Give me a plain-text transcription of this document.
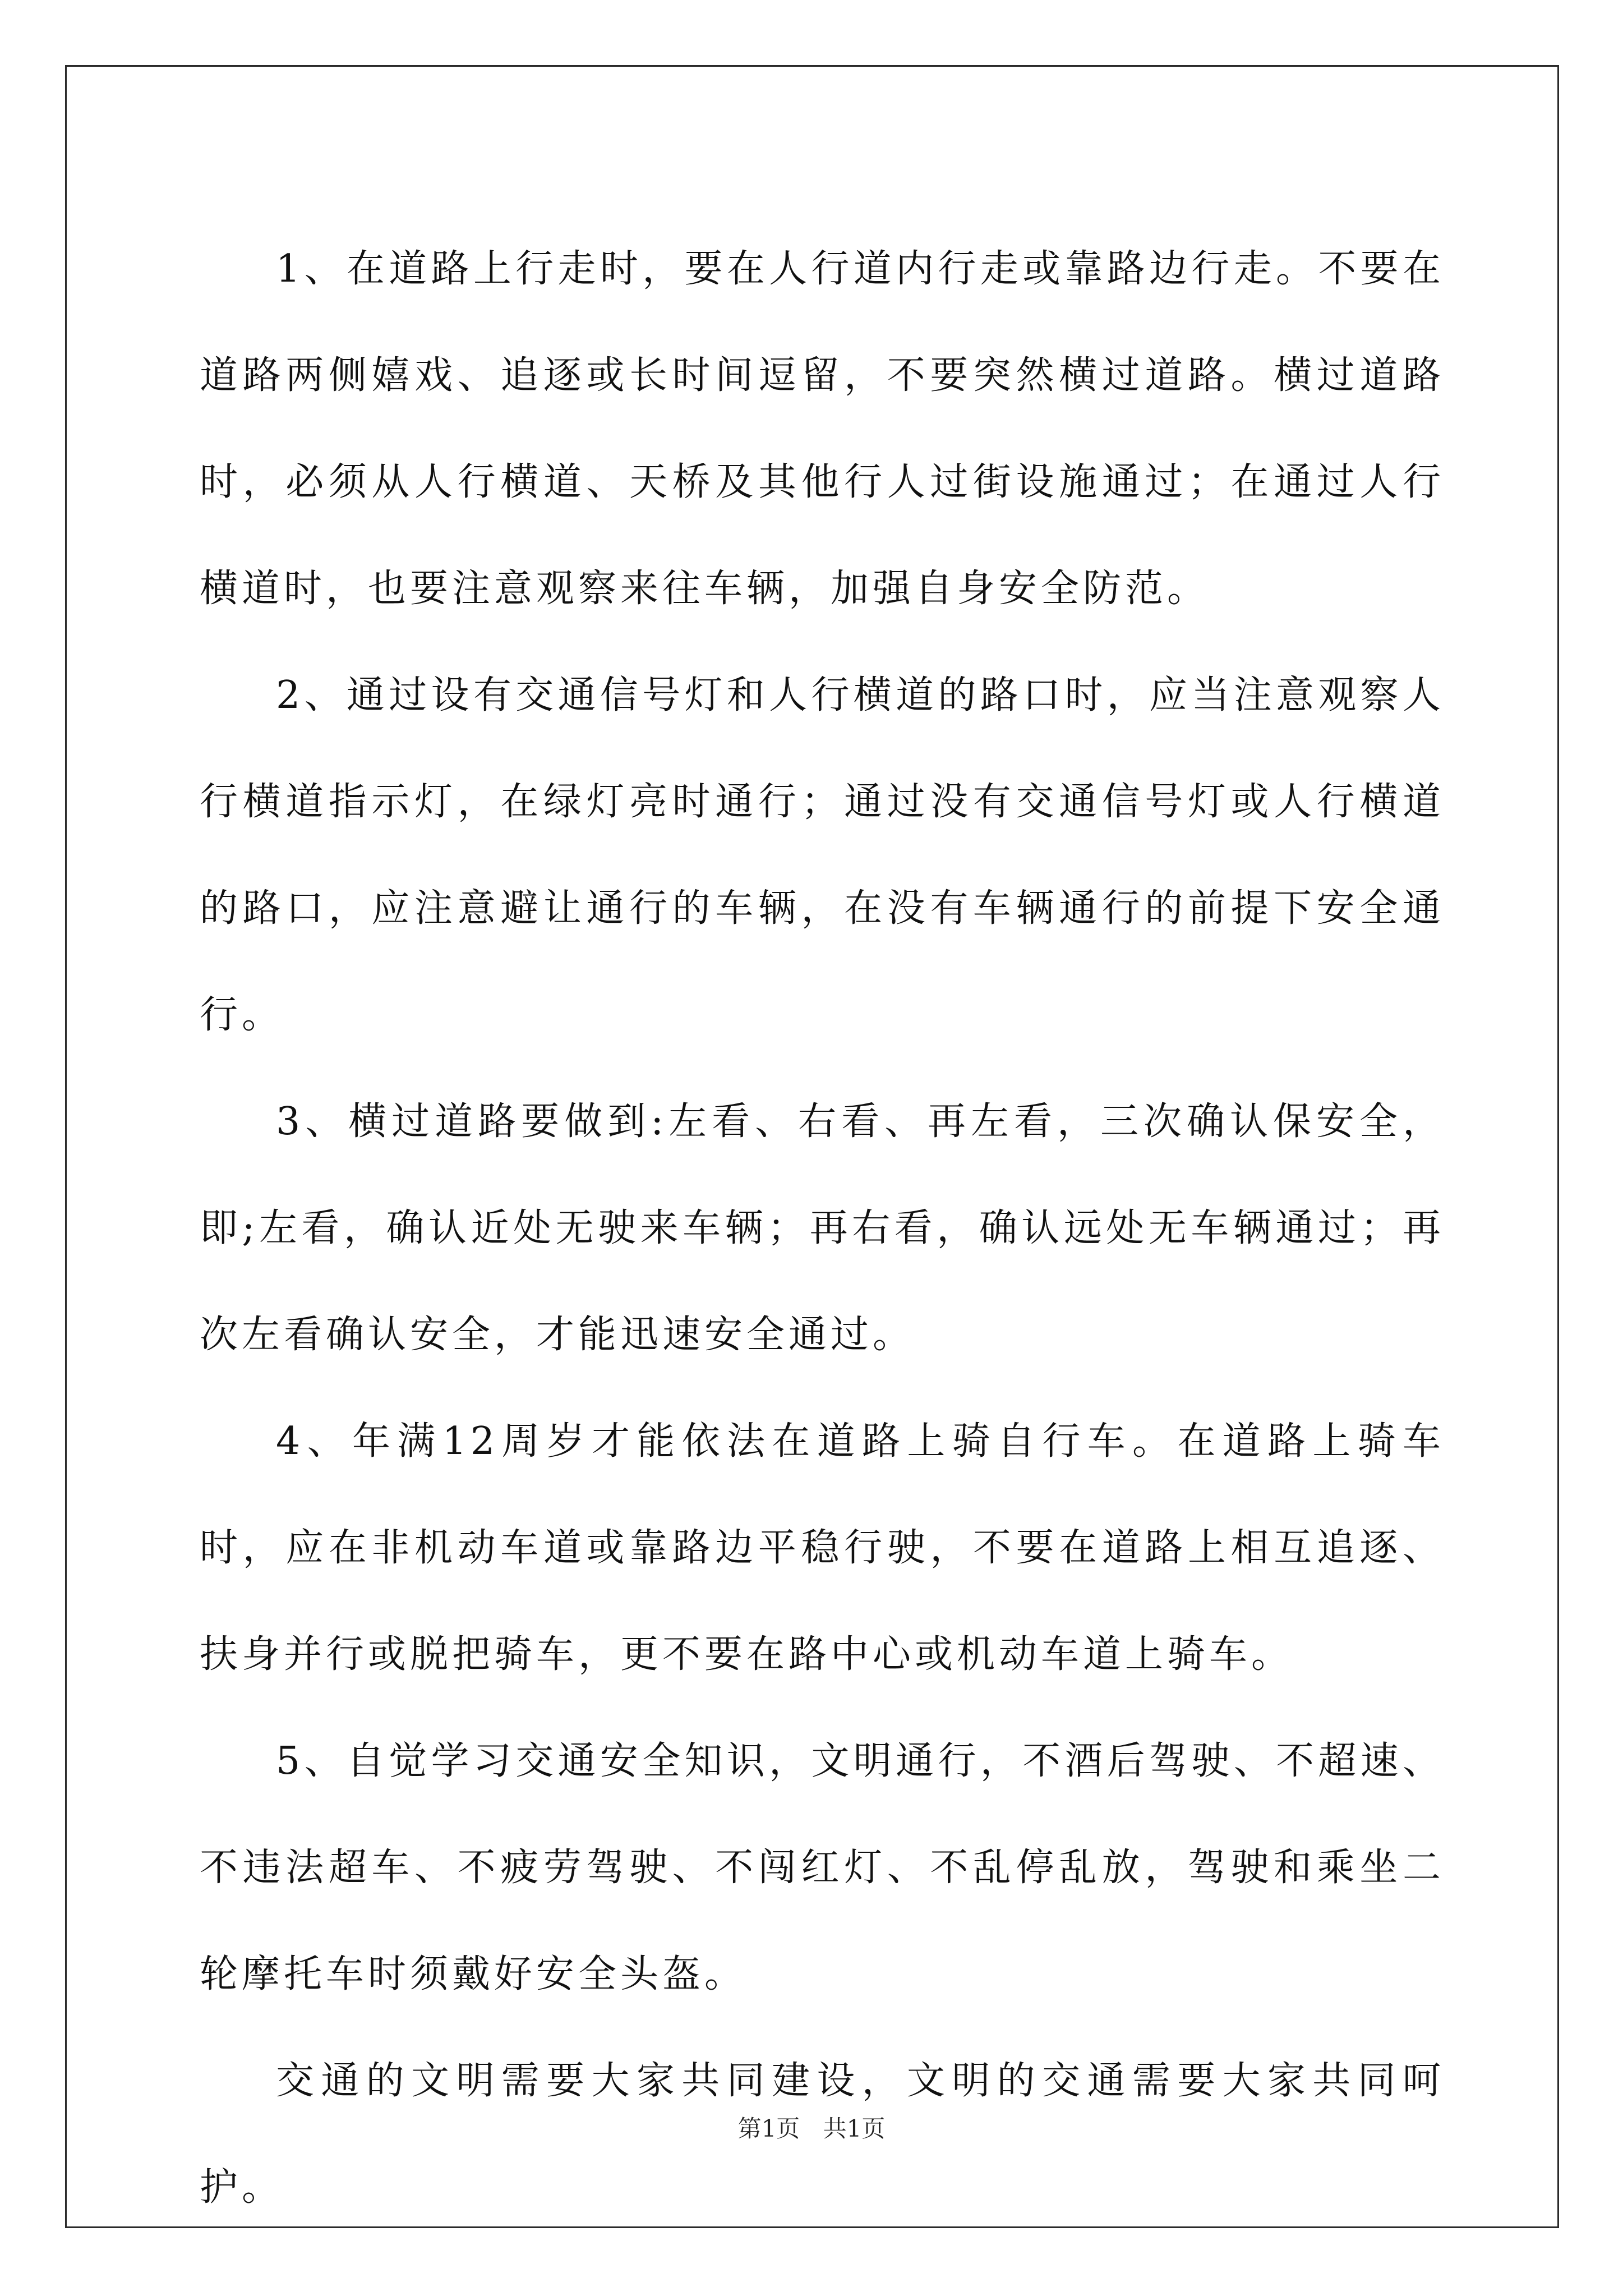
1、在道路上行走时，要在人行道内行走或靠路边行走。不要在道路两侧嬉戏、追逐或长时间逗留，不要突然横过道路。横过道路时，必须从人行横道、天桥及其他行人过街设施通过；在通过人行横道时，也要注意观察来往车辆，加强自身安全防范。

2、通过设有交通信号灯和人行横道的路口时，应当注意观察人行横道指示灯，在绿灯亮时通行；通过没有交通信号灯或人行横道的路口，应注意避让通行的车辆，在没有车辆通行的前提下安全通行。

3、横过道路要做到:左看、右看、再左看，三次确认保安全，即;左看，确认近处无驶来车辆；再右看，确认远处无车辆通过；再次左看确认安全，才能迅速安全通过。

4、年满12周岁才能依法在道路上骑自行车。在道路上骑车时，应在非机动车道或靠路边平稳行驶，不要在道路上相互追逐、扶身并行或脱把骑车，更不要在路中心或机动车道上骑车。

5、自觉学习交通安全知识，文明通行，不酒后驾驶、不超速、不违法超车、不疲劳驾驶、不闯红灯、不乱停乱放，驾驶和乘坐二轮摩托车时须戴好安全头盔。

交通的文明需要大家共同建设，文明的交通需要大家共同呵护。

第1页 共1页
